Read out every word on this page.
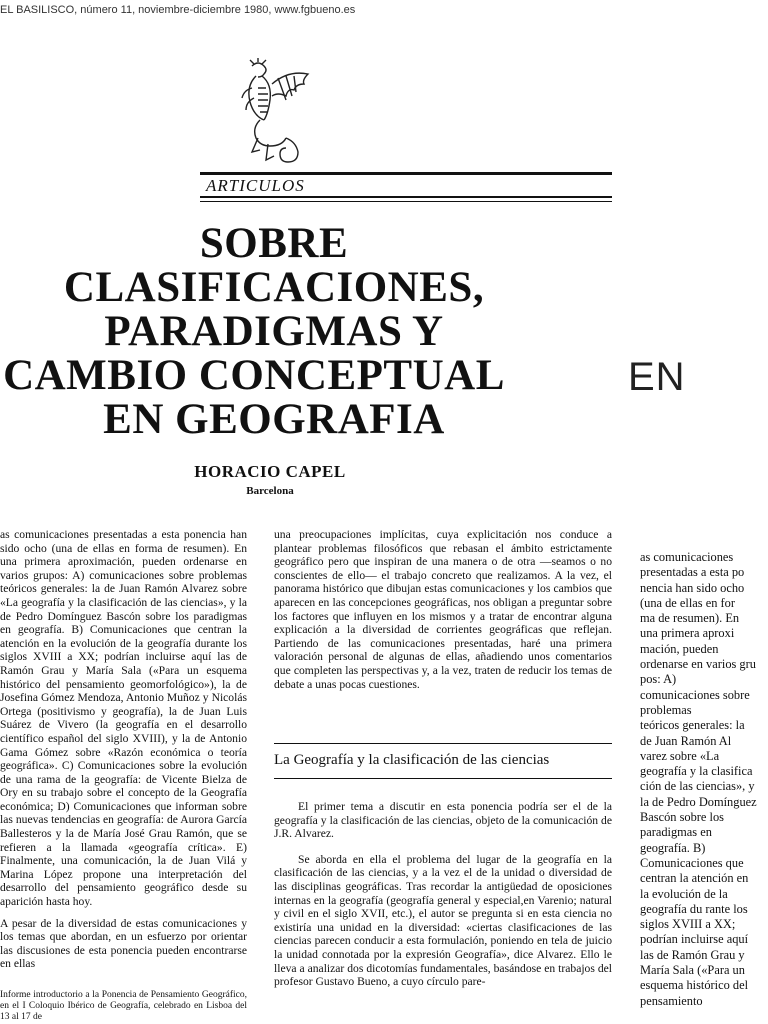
EL BASILISCO, número 11, noviembre-diciembre 1980, www.fgbueno.es
ARTICULOS
SOBRE
CLASIFICACIONES,
PARADIGMAS Y
CAMBIO CONCEPTUAL
EN GEOGRAFIA
EN
HORACIO CAPEL
Barcelona

as comunicaciones presentadas a esta ponencia han sido ocho (una de ellas en forma de resumen). En una primera aproximación, pueden ordenarse en varios grupos: A) comunicaciones sobre problemas teóricos generales: la de Juan Ramón Alvarez sobre «La geografía y la clasificación de las ciencias», y la de Pedro Domínguez Bascón sobre los paradigmas en geografía. B) Comunicaciones que centran la atención en la evolución de la geografía durante los siglos XVIII a XX; podrían incluirse aquí las de Ramón Grau y María Sala («Para un esquema histórico del pensamiento geomorfológico»), la de Josefina Gómez Mendoza, Antonio Muñoz y Nicolás Ortega (positivismo y geografía), la de Juan Luis Suárez de Vivero (la geografía en el desarrollo científico español del siglo XVIII), y la de Antonio Gama Gómez sobre «Razón económica o teoría geográfica». C) Comunicaciones sobre la evolución de una rama de la geografía: de Vicente Bielza de Ory en su trabajo sobre el concepto de la Geografía económica; D) Comunicaciones que informan sobre las nuevas tendencias en geografía: de Aurora García Ballesteros y la de María José Grau Ramón, que se refieren a la llamada «geografía crítica». E) Finalmente, una comunicación, la de Juan Vilá y Marina López propone una interpretación del desarrollo del pensamiento geográfico desde su aparición hasta hoy.

A pesar de la diversidad de estas comunicaciones y los temas que abordan, en un esfuerzo por orientar las discusiones de esta ponencia pueden encontrarse en ellas

Informe introductorio a la Ponencia de Pensamiento Geográfico, en el I Coloquio Ibérico de Geografía, celebrado en Lisboa del 13 al 17 de

una preocupaciones implícitas, cuya explicitación nos conduce a plantear problemas filosóficos que rebasan el ámbito estrictamente geográfico pero que inspiran de una manera o de otra —seamos o no conscientes de ello— el trabajo concreto que realizamos. A la vez, el panorama histórico que dibujan estas comunicaciones y los cambios que aparecen en las concepciones geográficas, nos obligan a preguntar sobre los factores que influyen en los mismos y a tratar de encontrar alguna explicación a la diversidad de corrientes geográficas que reflejan. Partiendo de las comunicaciones presentadas, haré una primera valoración personal de algunas de ellas, añadiendo unos comentarios que completen las perspectivas y, a la vez, traten de reducir los temas de debate a unas pocas cuestiones.

La Geografía y la clasificación de las ciencias

El primer tema a discutir en esta ponencia podría ser el de la geografía y la clasificación de las ciencias, objeto de la comunicación de J.R. Alvarez.

Se aborda en ella el problema del lugar de la geografía en la clasificación de las ciencias, y a la vez el de la unidad o diversidad de las disciplinas geográficas. Tras recordar la antigüedad de oposiciones internas en la geografía (geografía general y especial,en Varenio; natural y civil en el siglo XVII, etc.), el autor se pregunta si en esta ciencia no existiría una unidad en la diversidad: «ciertas clasificaciones de las ciencias parecen conducir a esta formulación, poniendo en tela de juicio la unidad connotada por la expresión Geografía», dice Alvarez. Ello le lleva a analizar dos dicotomías fundamentales, basándose en trabajos del profesor Gustavo Bueno, a cuyo círculo pare-

as comunicaciones
presentadas a esta po
nencia han sido ocho
(una de ellas en for
ma de resumen). En
una primera aproxi
mación, pueden
ordenarse en varios gru
pos: A)
comunicaciones sobre
problemas
teóricos generales: la
de Juan Ramón Al
varez sobre «La
geografía y la clasifica
ción de las ciencias», y
la de Pedro Domínguez
Bascón sobre los
paradigmas en
geografía. B)
Comunicaciones que
centran la atención en
la evolución de la
geografía du rante los
siglos XVIII a XX;
podrían incluirse aquí
las de Ramón Grau y
María Sala («Para un
esquema histórico del
pensamiento
